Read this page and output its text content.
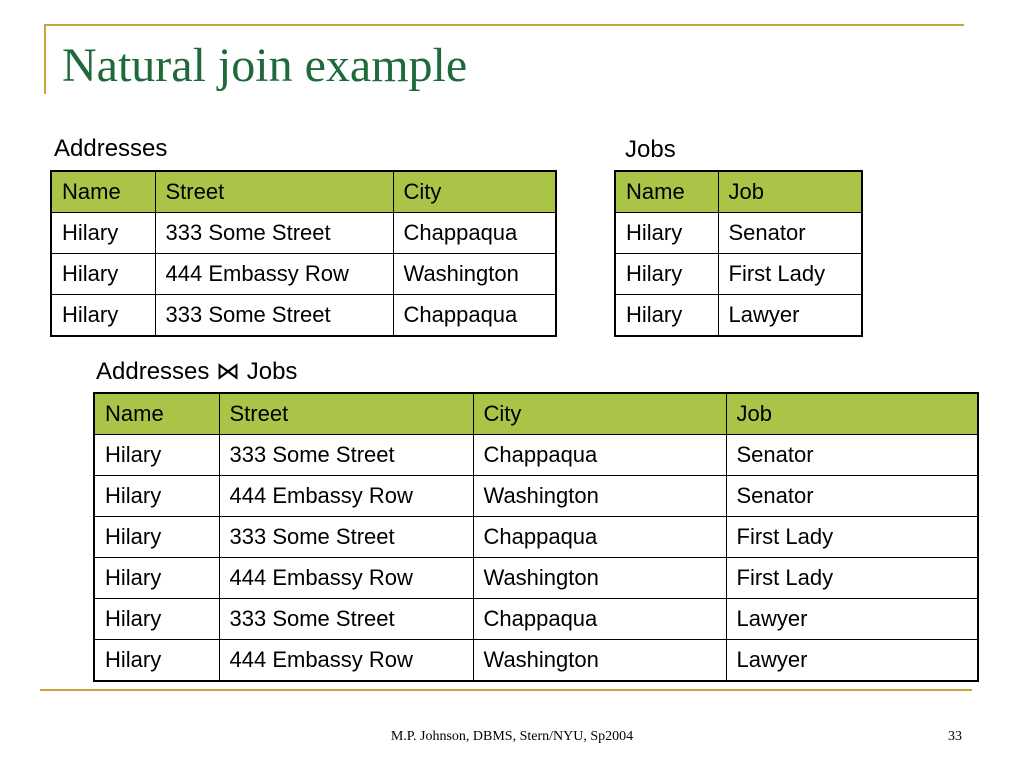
Natural join example
Addresses
Name	Street	City
Hilary	333 Some Street	Chappaqua
Hilary	444 Embassy Row	Washington
Hilary	333 Some Street	Chappaqua
Jobs
Name	Job
Hilary	Senator
Hilary	First Lady
Hilary	Lawyer
Addresses ⋈ Jobs
Name	Street	City	Job
Hilary	333 Some Street	Chappaqua	Senator
Hilary	444 Embassy Row	Washington	Senator
Hilary	333 Some Street	Chappaqua	First Lady
Hilary	444 Embassy Row	Washington	First Lady
Hilary	333 Some Street	Chappaqua	Lawyer
Hilary	444 Embassy Row	Washington	Lawyer
M.P. Johnson, DBMS, Stern/NYU, Sp2004	33
